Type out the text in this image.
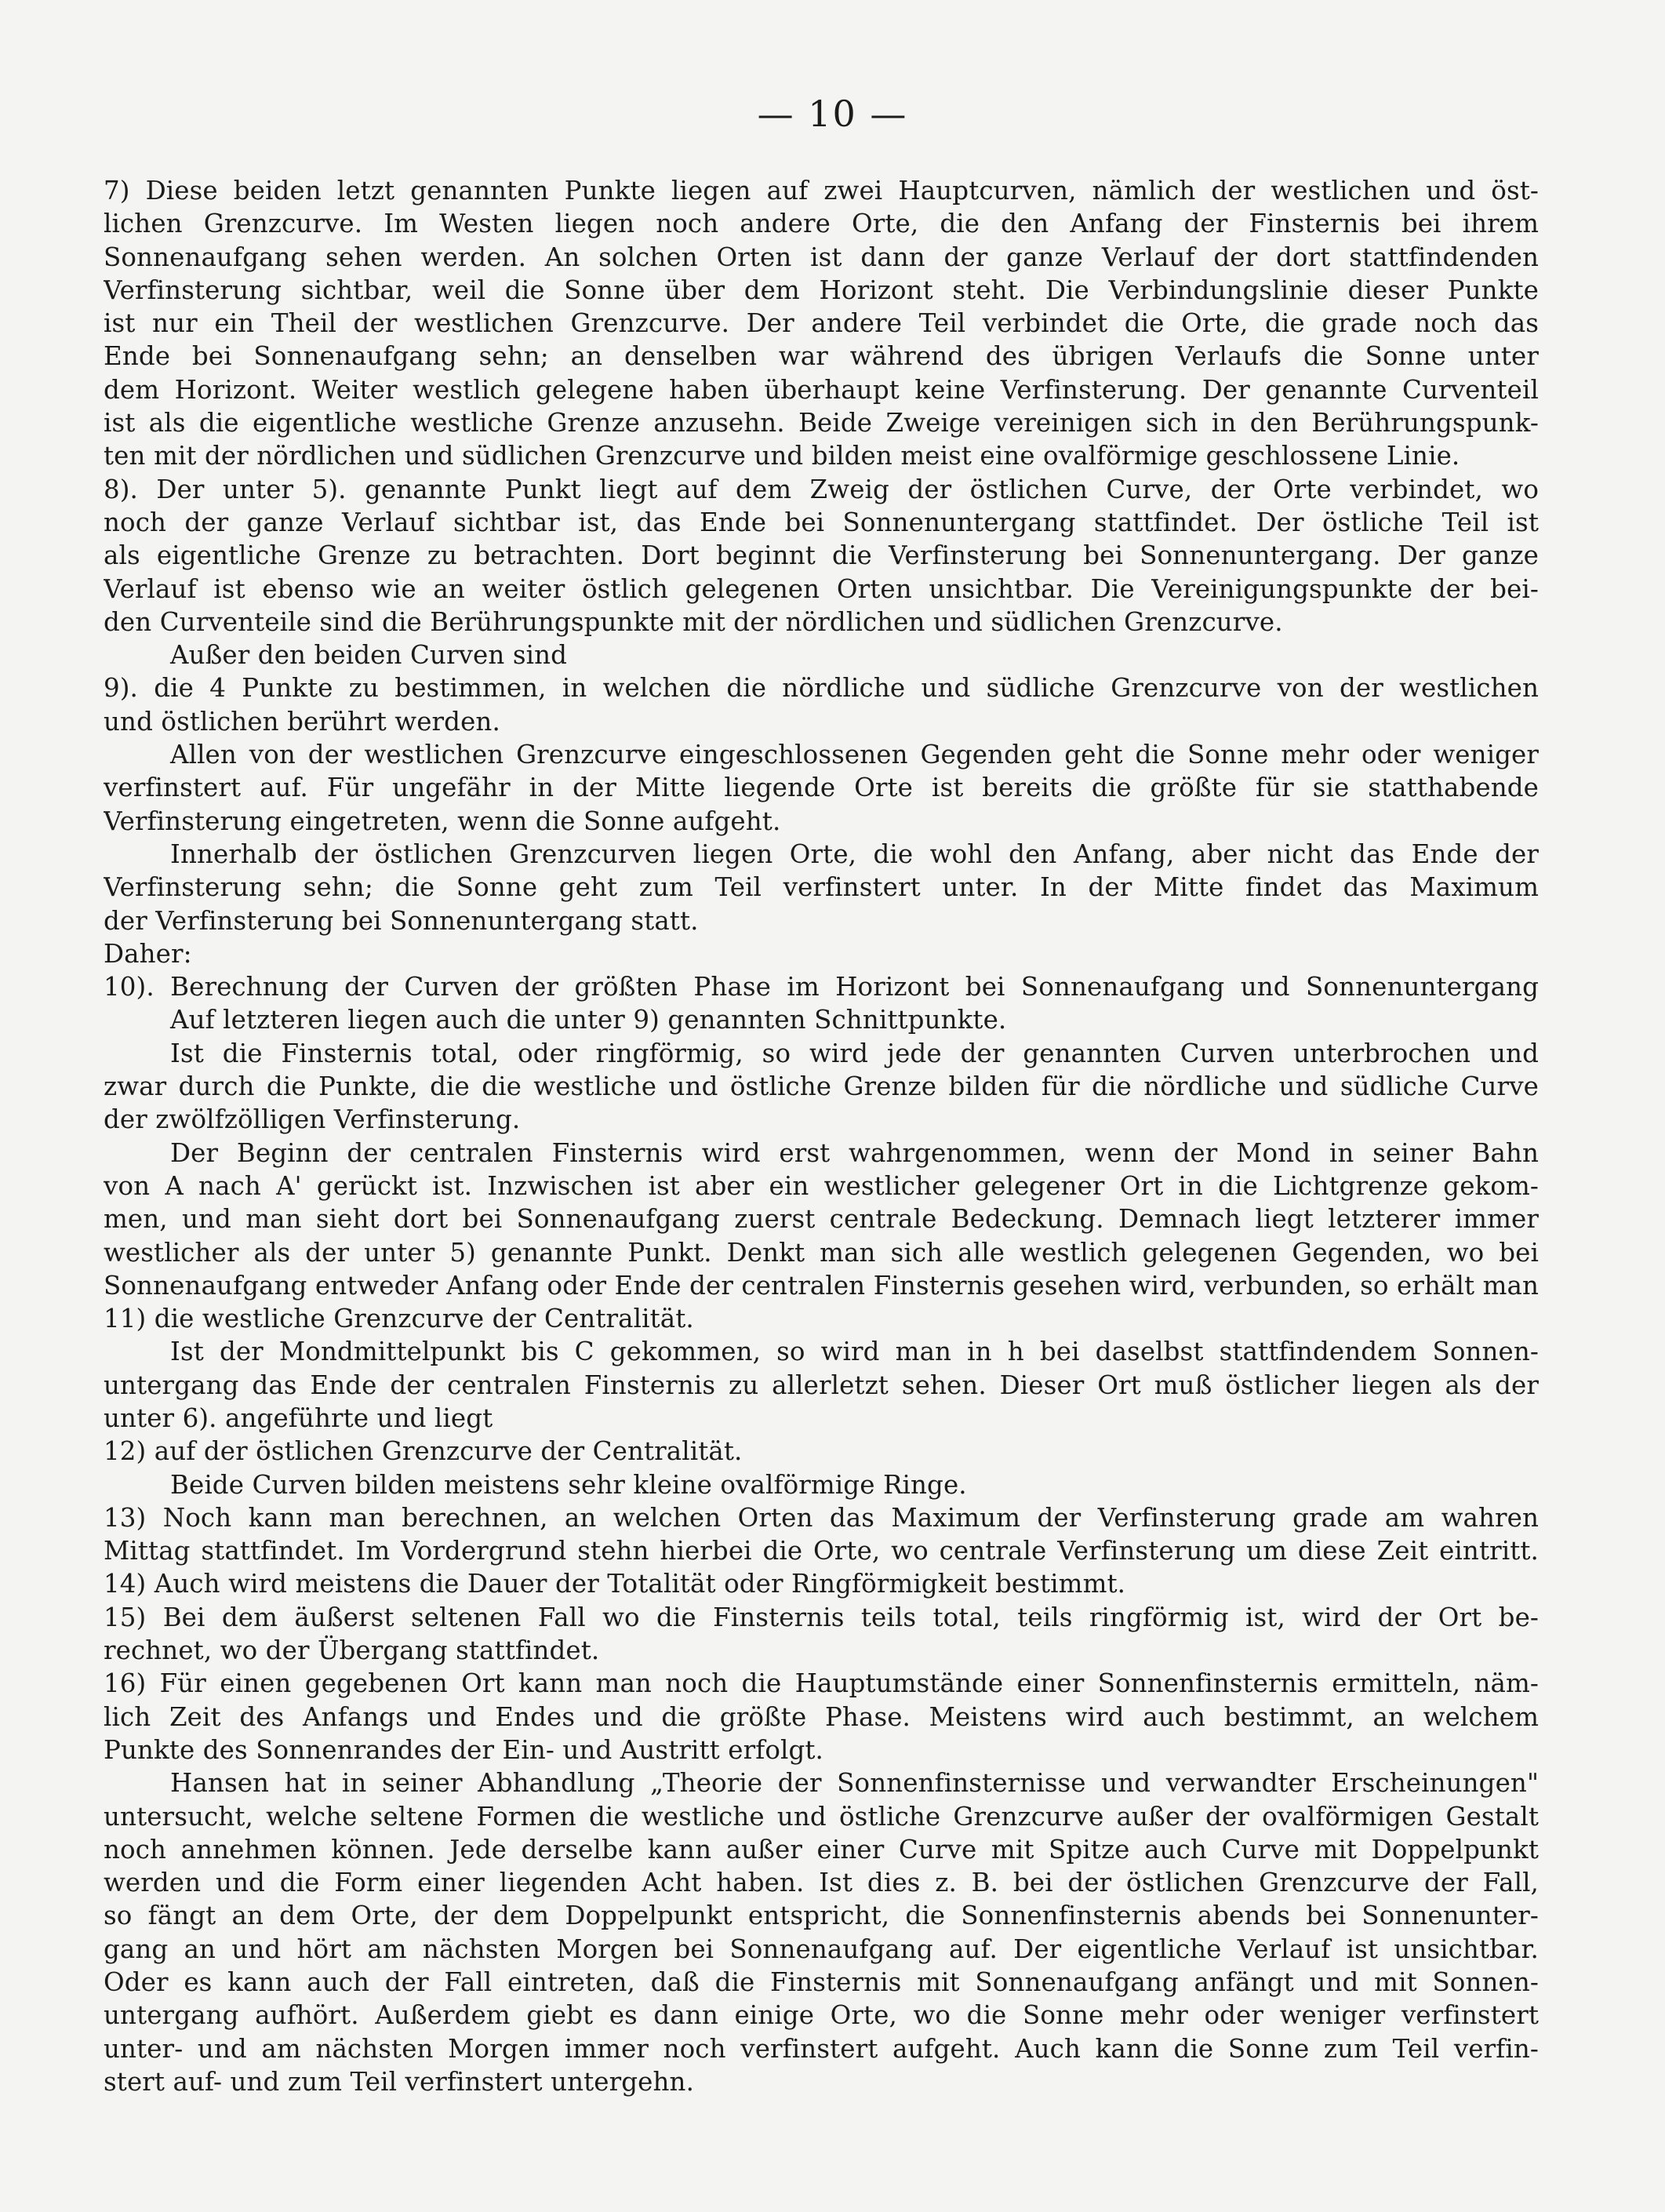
— 10 —
7) Diese beiden letzt genannten Punkte liegen auf zwei Hauptcurven, nämlich der westlichen und öst-
lichen Grenzcurve. Im Westen liegen noch andere Orte, die den Anfang der Finsternis bei ihrem
Sonnenaufgang sehen werden. An solchen Orten ist dann der ganze Verlauf der dort stattfindenden
Verfinsterung sichtbar, weil die Sonne über dem Horizont steht. Die Verbindungslinie dieser Punkte
ist nur ein Theil der westlichen Grenzcurve. Der andere Teil verbindet die Orte, die grade noch das
Ende bei Sonnenaufgang sehn; an denselben war während des übrigen Verlaufs die Sonne unter
dem Horizont. Weiter westlich gelegene haben überhaupt keine Verfinsterung. Der genannte Curventeil
ist als die eigentliche westliche Grenze anzusehn. Beide Zweige vereinigen sich in den Berührungspunk-
ten mit der nördlichen und südlichen Grenzcurve und bilden meist eine ovalförmige geschlossene Linie.
8). Der unter 5). genannte Punkt liegt auf dem Zweig der östlichen Curve, der Orte verbindet, wo
noch der ganze Verlauf sichtbar ist, das Ende bei Sonnenuntergang stattfindet. Der östliche Teil ist
als eigentliche Grenze zu betrachten. Dort beginnt die Verfinsterung bei Sonnenuntergang. Der ganze
Verlauf ist ebenso wie an weiter östlich gelegenen Orten unsichtbar. Die Vereinigungspunkte der bei-
den Curventeile sind die Berührungspunkte mit der nördlichen und südlichen Grenzcurve.
Außer den beiden Curven sind
9). die 4 Punkte zu bestimmen, in welchen die nördliche und südliche Grenzcurve von der westlichen
und östlichen berührt werden.
Allen von der westlichen Grenzcurve eingeschlossenen Gegenden geht die Sonne mehr oder weniger
verfinstert auf. Für ungefähr in der Mitte liegende Orte ist bereits die größte für sie statthabende
Verfinsterung eingetreten, wenn die Sonne aufgeht.
Innerhalb der östlichen Grenzcurven liegen Orte, die wohl den Anfang, aber nicht das Ende der
Verfinsterung sehn; die Sonne geht zum Teil verfinstert unter. In der Mitte findet das Maximum
der Verfinsterung bei Sonnenuntergang statt.
Daher:
10). Berechnung der Curven der größten Phase im Horizont bei Sonnenaufgang und Sonnenuntergang
Auf letzteren liegen auch die unter 9) genannten Schnittpunkte.
Ist die Finsternis total, oder ringförmig, so wird jede der genannten Curven unterbrochen und
zwar durch die Punkte, die die westliche und östliche Grenze bilden für die nördliche und südliche Curve
der zwölfzölligen Verfinsterung.
Der Beginn der centralen Finsternis wird erst wahrgenommen, wenn der Mond in seiner Bahn
von A nach A' gerückt ist. Inzwischen ist aber ein westlicher gelegener Ort in die Lichtgrenze gekom-
men, und man sieht dort bei Sonnenaufgang zuerst centrale Bedeckung. Demnach liegt letzterer immer
westlicher als der unter 5) genannte Punkt. Denkt man sich alle westlich gelegenen Gegenden, wo bei
Sonnenaufgang entweder Anfang oder Ende der centralen Finsternis gesehen wird, verbunden, so erhält man
11) die westliche Grenzcurve der Centralität.
Ist der Mondmittelpunkt bis C gekommen, so wird man in h bei daselbst stattfindendem Sonnen-
untergang das Ende der centralen Finsternis zu allerletzt sehen. Dieser Ort muß östlicher liegen als der
unter 6). angeführte und liegt
12) auf der östlichen Grenzcurve der Centralität.
Beide Curven bilden meistens sehr kleine ovalförmige Ringe.
13) Noch kann man berechnen, an welchen Orten das Maximum der Verfinsterung grade am wahren
Mittag stattfindet. Im Vordergrund stehn hierbei die Orte, wo centrale Verfinsterung um diese Zeit eintritt.
14) Auch wird meistens die Dauer der Totalität oder Ringförmigkeit bestimmt.
15) Bei dem äußerst seltenen Fall wo die Finsternis teils total, teils ringförmig ist, wird der Ort be-
rechnet, wo der Übergang stattfindet.
16) Für einen gegebenen Ort kann man noch die Hauptumstände einer Sonnenfinsternis ermitteln, näm-
lich Zeit des Anfangs und Endes und die größte Phase. Meistens wird auch bestimmt, an welchem
Punkte des Sonnenrandes der Ein- und Austritt erfolgt.
Hansen hat in seiner Abhandlung „Theorie der Sonnenfinsternisse und verwandter Erscheinungen"
untersucht, welche seltene Formen die westliche und östliche Grenzcurve außer der ovalförmigen Gestalt
noch annehmen können. Jede derselbe kann außer einer Curve mit Spitze auch Curve mit Doppelpunkt
werden und die Form einer liegenden Acht haben. Ist dies z. B. bei der östlichen Grenzcurve der Fall,
so fängt an dem Orte, der dem Doppelpunkt entspricht, die Sonnenfinsternis abends bei Sonnenunter-
gang an und hört am nächsten Morgen bei Sonnenaufgang auf. Der eigentliche Verlauf ist unsichtbar.
Oder es kann auch der Fall eintreten, daß die Finsternis mit Sonnenaufgang anfängt und mit Sonnen-
untergang aufhört. Außerdem giebt es dann einige Orte, wo die Sonne mehr oder weniger verfinstert
unter- und am nächsten Morgen immer noch verfinstert aufgeht. Auch kann die Sonne zum Teil verfin-
stert auf- und zum Teil verfinstert untergehn.
